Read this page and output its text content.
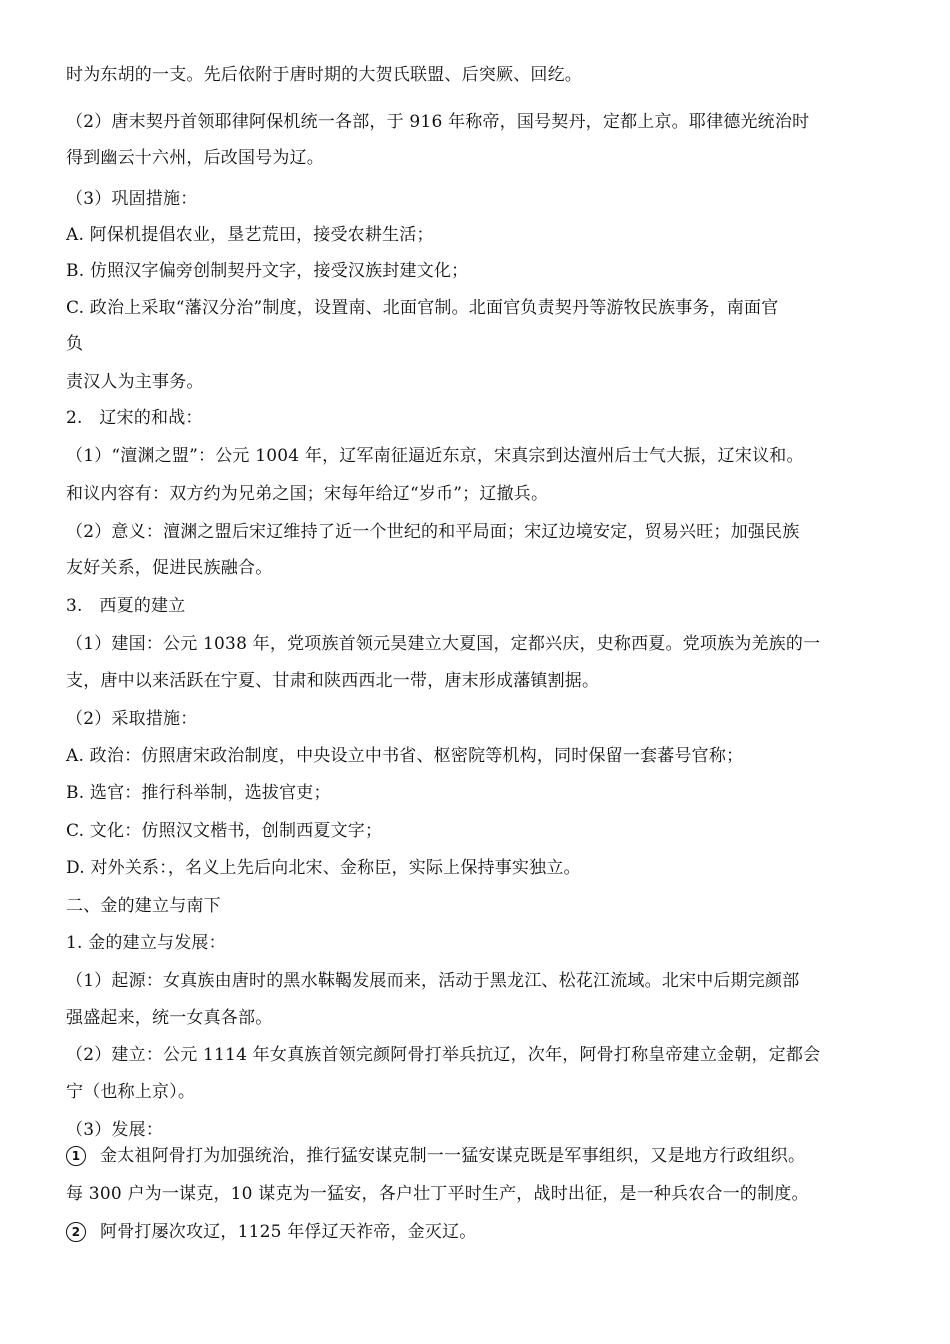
时为东胡的一支。先后依附于唐时期的大贺氏联盟、后突厥、回纥。
（2）唐末契丹首领耶律阿保机统一各部，于 916 年称帝，国号契丹，定都上京。耶律德光统治时
得到幽云十六州，后改国号为辽。
（3）巩固措施：
A. 阿保机提倡农业，垦艺荒田，接受农耕生活；
B. 仿照汉字偏旁创制契丹文字，接受汉族封建文化；
C. 政治上采取“藩汉分治”制度，设置南、北面官制。北面官负责契丹等游牧民族事务，南面官
负
责汉人为主事务。
2.   辽宋的和战：
（1）“澶渊之盟”：公元 1004 年，辽军南征逼近东京，宋真宗到达澶州后士气大振，辽宋议和。
和议内容有：双方约为兄弟之国；宋每年给辽“岁币”；辽撤兵。
（2）意义：澶渊之盟后宋辽维持了近一个世纪的和平局面；宋辽边境安定，贸易兴旺；加强民族
友好关系，促进民族融合。
3.   西夏的建立
（1）建国：公元 1038 年，党项族首领元昊建立大夏国，定都兴庆，史称西夏。党项族为羌族的一
支，唐中以来活跃在宁夏、甘肃和陕西西北一带，唐末形成藩镇割据。
（2）采取措施：
A. 政治：仿照唐宋政治制度，中央设立中书省、枢密院等机构，同时保留一套蕃号官称；
B. 选官：推行科举制，选拔官吏；
C. 文化：仿照汉文楷书，创制西夏文字；
D. 对外关系：，名义上先后向北宋、金称臣，实际上保持事实独立。
二、金的建立与南下
1. 金的建立与发展：
（1）起源：女真族由唐时的黑水靺鞨发展而来，活动于黑龙江、松花江流域。北宋中后期完颜部
强盛起来，统一女真各部。
（2）建立：公元 1114 年女真族首领完颜阿骨打举兵抗辽，次年，阿骨打称皇帝建立金朝，定都会
宁（也称上京）。
（3）发展：
1 金太祖阿骨打为加强统治，推行猛安谋克制一一猛安谋克既是军事组织，又是地方行政组织。
每 300 户为一谋克，10 谋克为一猛安，各户壮丁平时生产，战时出征，是一种兵农合一的制度。
2 阿骨打屡次攻辽，1125 年俘辽天祚帝，金灭辽。
